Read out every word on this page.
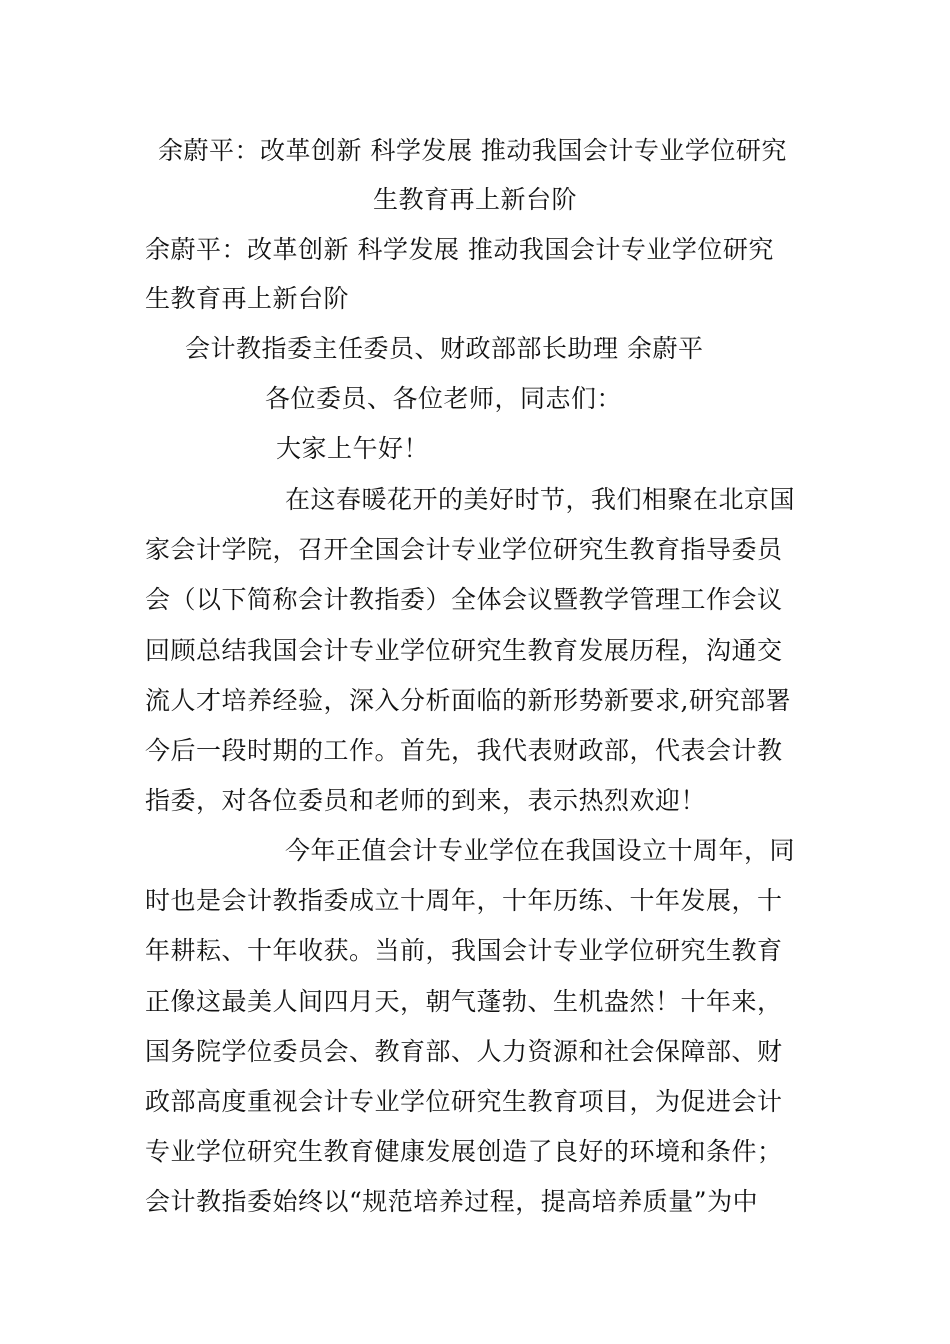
余蔚平：改革创新 科学发展 推动我国会计专业学位研究
生教育再上新台阶
余蔚平：改革创新 科学发展 推动我国会计专业学位研究
生教育再上新台阶
会计教指委主任委员、财政部部长助理 余蔚平
各位委员、各位老师，同志们：
大家上午好！
在这春暖花开的美好时节，我们相聚在北京国
家会计学院，召开全国会计专业学位研究生教育指导委员
会（以下简称会计教指委）全体会议暨教学管理工作会议
回顾总结我国会计专业学位研究生教育发展历程，沟通交
流人才培养经验，深入分析面临的新形势新要求,研究部署
今后一段时期的工作。首先，我代表财政部，代表会计教
指委，对各位委员和老师的到来，表示热烈欢迎！
今年正值会计专业学位在我国设立十周年，同
时也是会计教指委成立十周年，十年历练、十年发展，十
年耕耘、十年收获。当前，我国会计专业学位研究生教育
正像这最美人间四月天，朝气蓬勃、生机盎然！十年来，
国务院学位委员会、教育部、人力资源和社会保障部、财
政部高度重视会计专业学位研究生教育项目，为促进会计
专业学位研究生教育健康发展创造了良好的环境和条件；
会计教指委始终以“规范培养过程，提高培养质量”为中
